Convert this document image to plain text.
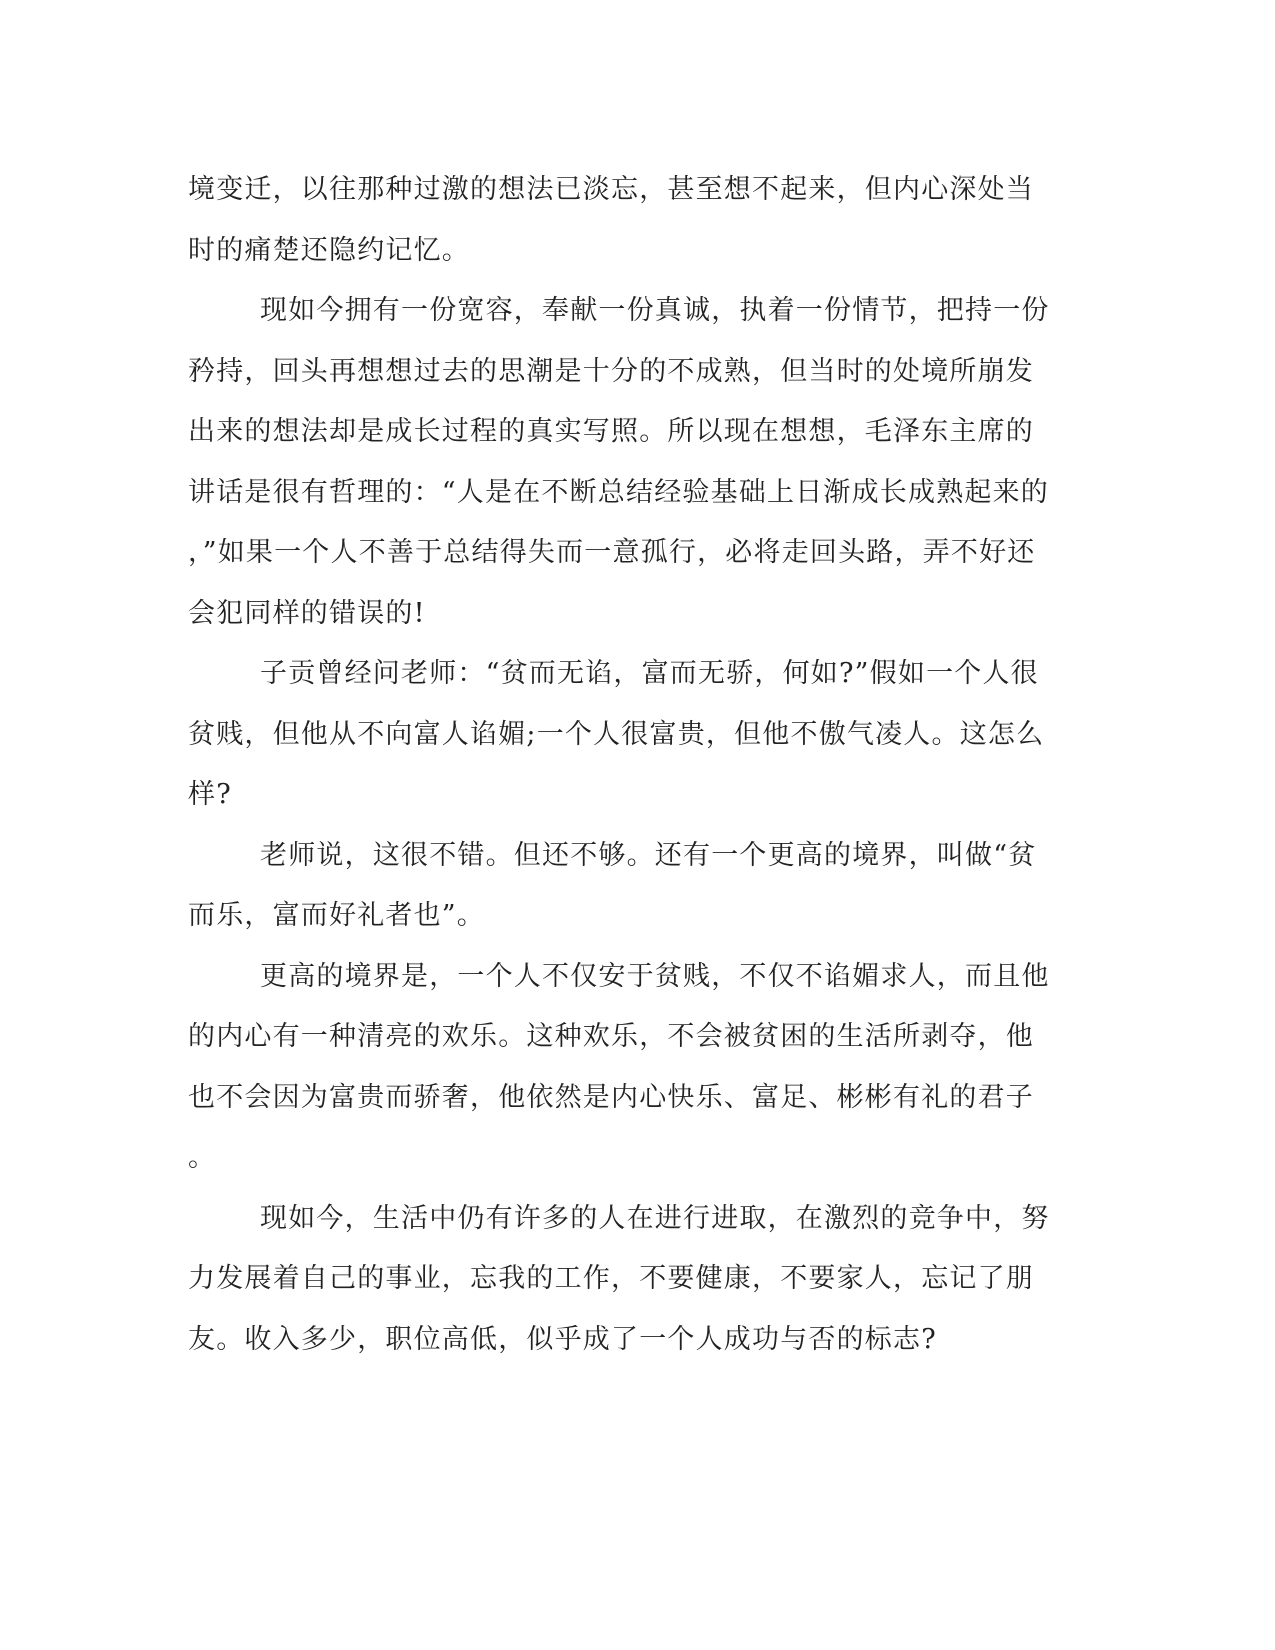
境变迁，以往那种过激的想法已淡忘，甚至想不起来，但内心深处当
时的痛楚还隐约记忆。
现如今拥有一份宽容，奉献一份真诚，执着一份情节，把持一份
矜持，回头再想想过去的思潮是十分的不成熟，但当时的处境所崩发
出来的想法却是成长过程的真实写照。所以现在想想，毛泽东主席的
讲话是很有哲理的：“人是在不断总结经验基础上日渐成长成熟起来的
，”如果一个人不善于总结得失而一意孤行，必将走回头路，弄不好还
会犯同样的错误的!
子贡曾经问老师：“贫而无谄，富而无骄，何如?”假如一个人很
贫贱，但他从不向富人谄媚;一个人很富贵，但他不傲气凌人。这怎么
样?
老师说，这很不错。但还不够。还有一个更高的境界，叫做“贫
而乐，富而好礼者也”。
更高的境界是，一个人不仅安于贫贱，不仅不谄媚求人，而且他
的内心有一种清亮的欢乐。这种欢乐，不会被贫困的生活所剥夺，他
也不会因为富贵而骄奢，他依然是内心快乐、富足、彬彬有礼的君子
。
现如今，生活中仍有许多的人在进行进取，在激烈的竞争中，努
力发展着自己的事业，忘我的工作，不要健康，不要家人，忘记了朋
友。收入多少，职位高低，似乎成了一个人成功与否的标志?
